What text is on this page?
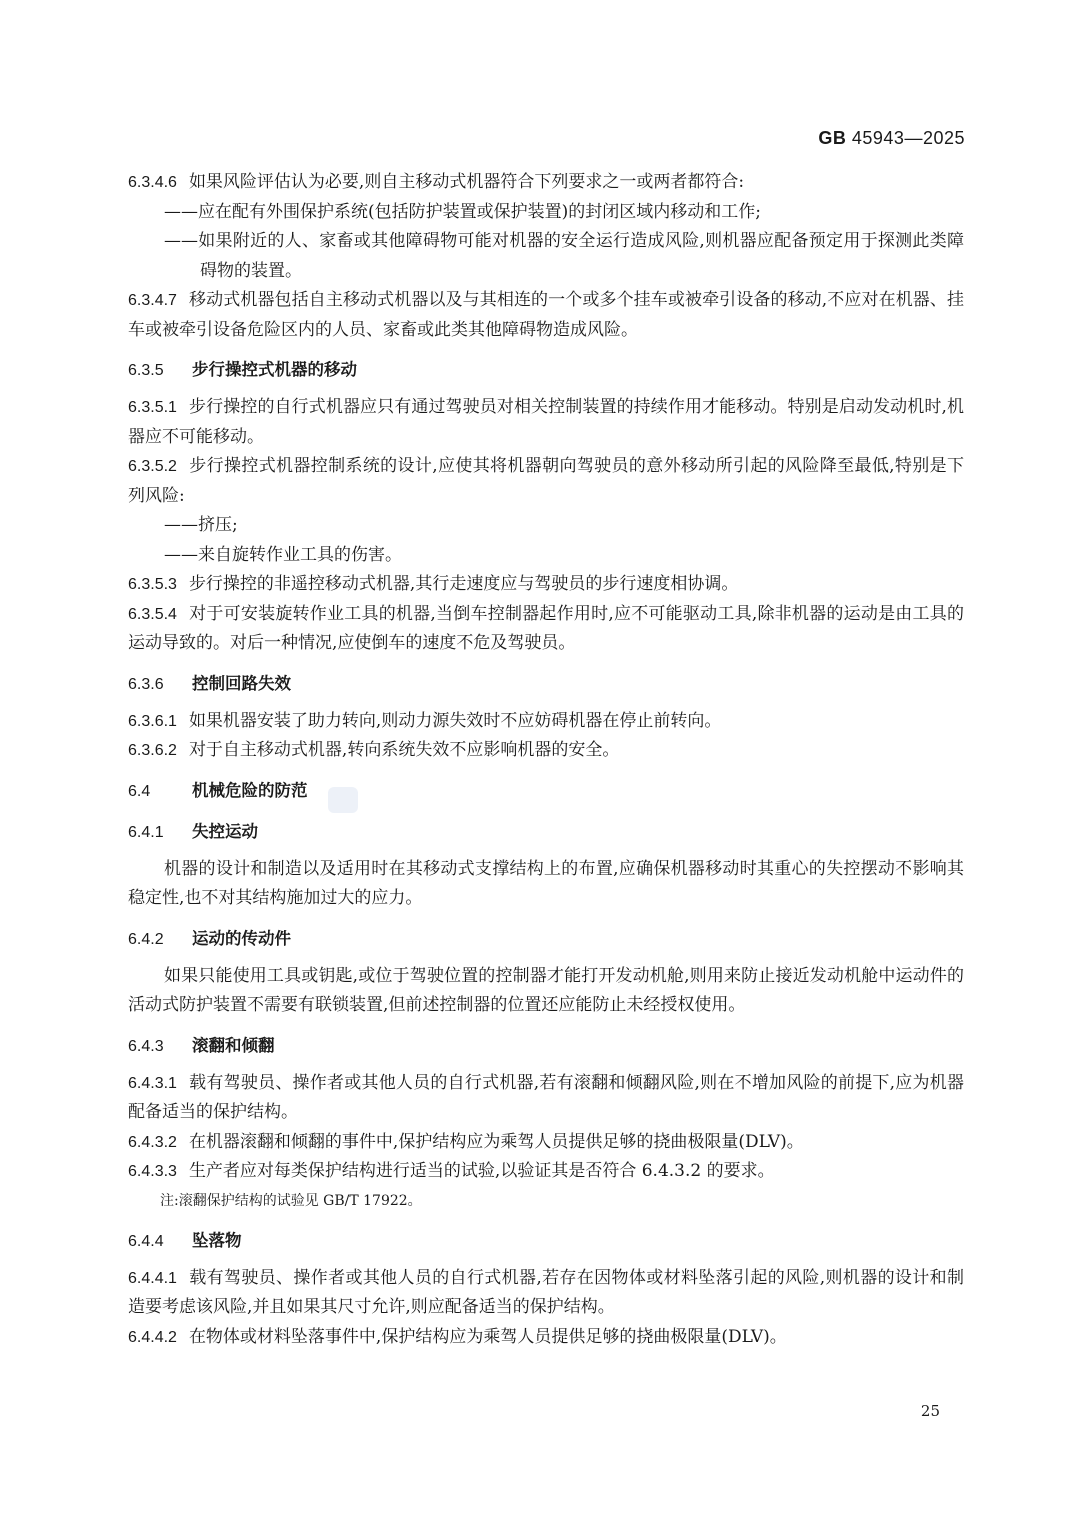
GB 45943—2025

6.3.4.6 如果风险评估认为必要,则自主移动式机器符合下列要求之一或两者都符合:

——应在配有外围保护系统(包括防护装置或保护装置)的封闭区域内移动和工作;

——如果附近的人、家畜或其他障碍物可能对机器的安全运行造成风险,则机器应配备预定用于探测此类障碍物的装置。

6.3.4.7 移动式机器包括自主移动式机器以及与其相连的一个或多个挂车或被牵引设备的移动,不应对在机器、挂车或被牵引设备危险区内的人员、家畜或此类其他障碍物造成风险。

6.3.5 步行操控式机器的移动

6.3.5.1 步行操控的自行式机器应只有通过驾驶员对相关控制装置的持续作用才能移动。特别是启动发动机时,机器应不可能移动。

6.3.5.2 步行操控式机器控制系统的设计,应使其将机器朝向驾驶员的意外移动所引起的风险降至最低,特别是下列风险:

——挤压;

——来自旋转作业工具的伤害。

6.3.5.3 步行操控的非遥控移动式机器,其行走速度应与驾驶员的步行速度相协调。

6.3.5.4 对于可安装旋转作业工具的机器,当倒车控制器起作用时,应不可能驱动工具,除非机器的运动是由工具的运动导致的。对后一种情况,应使倒车的速度不危及驾驶员。

6.3.6 控制回路失效

6.3.6.1 如果机器安装了助力转向,则动力源失效时不应妨碍机器在停止前转向。

6.3.6.2 对于自主移动式机器,转向系统失效不应影响机器的安全。

6.4	机械危险的防范

6.4.1 失控运动

机器的设计和制造以及适用时在其移动式支撑结构上的布置,应确保机器移动时其重心的失控摆动不影响其稳定性,也不对其结构施加过大的应力。

6.4.2 运动的传动件

如果只能使用工具或钥匙,或位于驾驶位置的控制器才能打开发动机舱,则用来防止接近发动机舱中运动件的活动式防护装置不需要有联锁装置,但前述控制器的位置还应能防止未经授权使用。

6.4.3 滚翻和倾翻

6.4.3.1 载有驾驶员、操作者或其他人员的自行式机器,若有滚翻和倾翻风险,则在不增加风险的前提下,应为机器配备适当的保护结构。

6.4.3.2 在机器滚翻和倾翻的事件中,保护结构应为乘驾人员提供足够的挠曲极限量(DLV)。

6.4.3.3 生产者应对每类保护结构进行适当的试验,以验证其是否符合 6.4.3.2 的要求。

注:滚翻保护结构的试验见 GB/T 17922。

6.4.4 坠落物

6.4.4.1 载有驾驶员、操作者或其他人员的自行式机器,若存在因物体或材料坠落引起的风险,则机器的设计和制造要考虑该风险,并且如果其尺寸允许,则应配备适当的保护结构。

6.4.4.2 在物体或材料坠落事件中,保护结构应为乘驾人员提供足够的挠曲极限量(DLV)。

25
